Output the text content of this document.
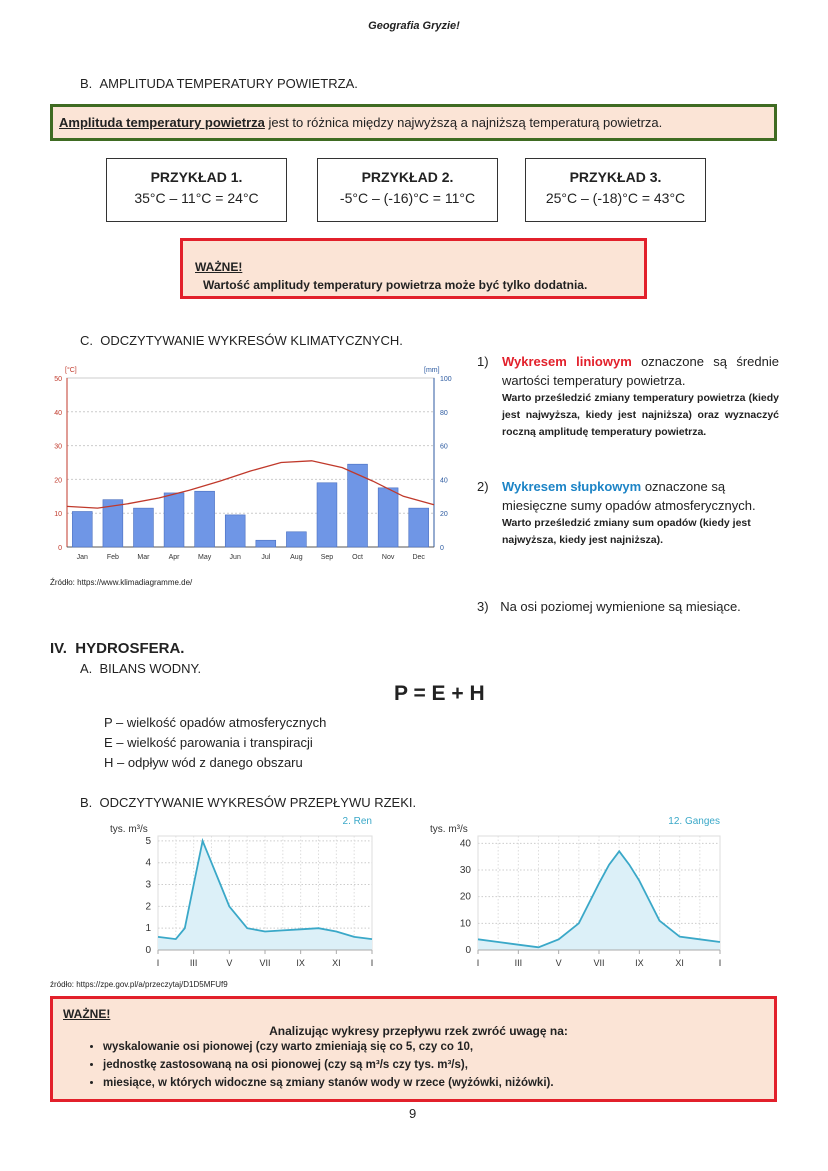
Geografia Gryzie!
B.  AMPLITUDA TEMPERATURY POWIETRZA.
Amplituda temperatury powietrza jest to różnica między najwyższą a najniższą temperaturą powietrza.
PRZYKŁAD 1.
35°C – 11°C = 24°C
PRZYKŁAD 2.
-5°C – (-16)°C = 11°C
PRZYKŁAD 3.
25°C – (-18)°C = 43°C
WAŻNE!
Wartość amplitudy temperatury powietrza może być tylko dodatnia.
C.  ODCZYTYWANIE WYKRESÓW KLIMATYCZNYCH.
0
10
20
30
40
50
0
20
40
60
80
100
[°C]	[mm]
Jan	Feb	Mar	Apr	May	Jun	Jul	Aug	Sep	Oct	Nov	Dec
Źródło: https://www.klimadiagramme.de/
1) Wykresem liniowym oznaczone są średnie wartości temperatury powietrza.
Warto prześledzić zmiany temperatury powietrza (kiedy jest najwyższa, kiedy jest najniższa) oraz wyznaczyć roczną amplitudę temperatury powietrza.
2) Wykresem słupkowym oznaczone są miesięczne sumy opadów atmosferycznych.
Warto prześledzić zmiany sum opadów (kiedy jest najwyższa, kiedy jest najniższa).
3) Na osi poziomej wymienione są miesiące.
IV.  HYDROSFERA.
A.  BILANS WODNY.
P = E + H
P – wielkość opadów atmosferycznych
E – wielkość parowania i transpiracji
H – odpływ wód z danego obszaru
B.  ODCZYTYWANIE WYKRESÓW PRZEPŁYWU RZEKI.
2. Ren
tys. m³/s
0
1
2
3
4
5
I	III	V	VII	IX	XI	I
12. Ganges
tys. m³/s
0
10
20
30
40
I	III	V	VII	IX	XI	I
źródło: https://zpe.gov.pl/a/przeczytaj/D1D5MFUf9
WAŻNE!
Analizując wykresy przepływu rzek zwróć uwagę na:
• wyskalowanie osi pionowej (czy warto zmieniają się co 5, czy co 10,
• jednostkę zastosowaną na osi pionowej (czy są m³/s czy tys. m³/s),
• miesiące, w których widoczne są zmiany stanów wody w rzece (wyżówki, niżówki).
9
